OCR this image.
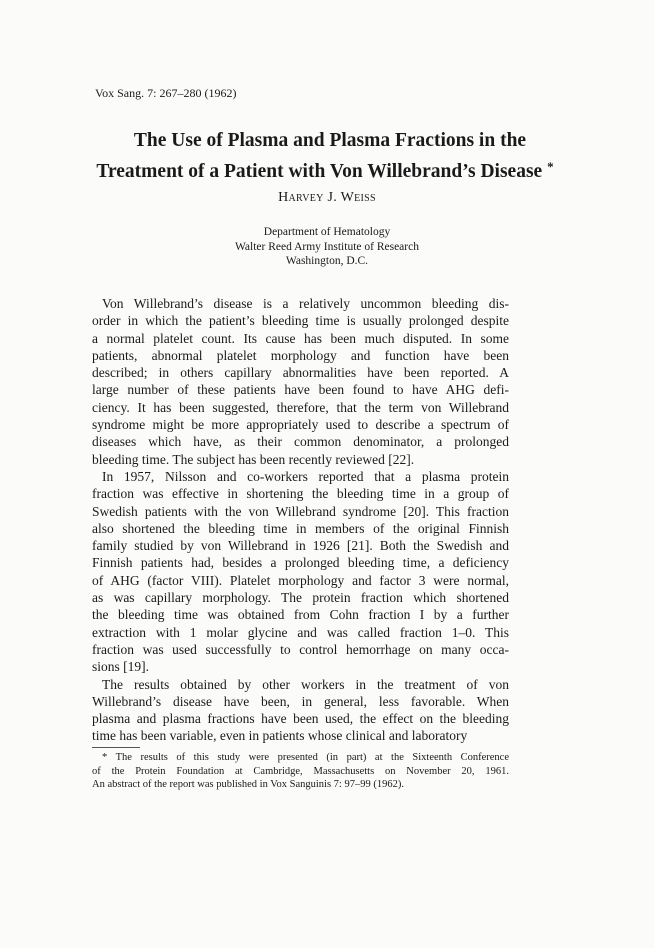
Vox Sang. 7: 267–280 (1962)
The Use of Plasma and Plasma Fractions in the
Treatment of a Patient with Von Willebrand’s Disease *
Harvey J. Weiss
Department of Hematology
Walter Reed Army Institute of Research
Washington, D.C.
Von Willebrand’s disease is a relatively uncommon bleeding dis-
order in which the patient’s bleeding time is usually prolonged despite
a normal platelet count. Its cause has been much disputed. In some
patients, abnormal platelet morphology and function have been
described; in others capillary abnormalities have been reported. A
large number of these patients have been found to have AHG defi-
ciency. It has been suggested, therefore, that the term von Willebrand
syndrome might be more appropriately used to describe a spectrum of
diseases which have, as their common denominator, a prolonged
bleeding time. The subject has been recently reviewed [22].
In 1957, Nilsson and co-workers reported that a plasma protein
fraction was effective in shortening the bleeding time in a group of
Swedish patients with the von Willebrand syndrome [20]. This fraction
also shortened the bleeding time in members of the original Finnish
family studied by von Willebrand in 1926 [21]. Both the Swedish and
Finnish patients had, besides a prolonged bleeding time, a deficiency
of AHG (factor VIII). Platelet morphology and factor 3 were normal,
as was capillary morphology. The protein fraction which shortened
the bleeding time was obtained from Cohn fraction I by a further
extraction with 1 molar glycine and was called fraction 1–0. This
fraction was used successfully to control hemorrhage on many occa-
sions [19].
The results obtained by other workers in the treatment of von
Willebrand’s disease have been, in general, less favorable. When
plasma and plasma fractions have been used, the effect on the bleeding
time has been variable, even in patients whose clinical and laboratory
* The results of this study were presented (in part) at the Sixteenth Conference
of the Protein Foundation at Cambridge, Massachusetts on November 20, 1961.
An abstract of the report was published in Vox Sanguinis 7: 97–99 (1962).
